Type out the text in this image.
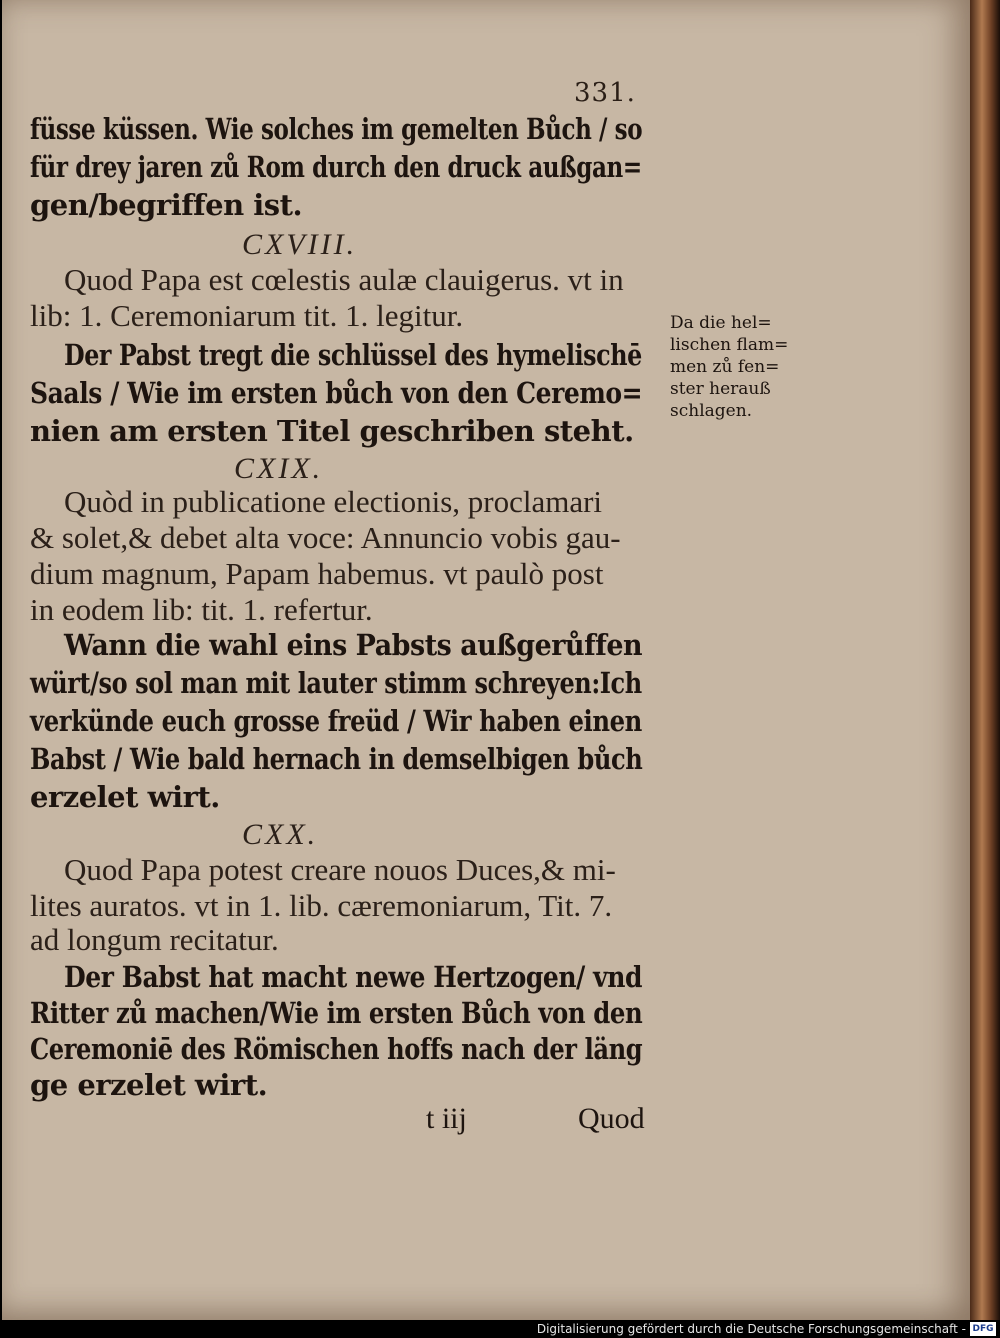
331.
füsse küssen. Wie solches im gemelten Bůch / so
für drey jaren zů Rom durch den druck außgan=
gen/begriffen ist.
CXVIII.
Quod Papa est cœlestis aulæ clauigerus. vt in
lib: 1. Ceremoniarum tit. 1. legitur.
Der Pabst tregt die schlüssel des hymelischē
Saals / Wie im ersten bůch von den Ceremo=
nien am ersten Titel geschriben steht.
CXIX.
Quòd in publicatione electionis, proclamari
& solet,& debet alta voce: Annuncio vobis gau-
dium magnum, Papam habemus. vt paulò post
in eodem lib: tit. 1. refertur.
Wann die wahl eins Pabsts außgerůffen
würt/so sol man mit lauter stimm schreyen:Ich
verkünde euch grosse freüd / Wir haben einen
Babst / Wie bald hernach in demselbigen bůch
erzelet wirt.
CXX.
Quod Papa potest creare nouos Duces,& mi-
lites auratos. vt in 1. lib. cæremoniarum, Tit. 7.
ad longum recitatur.
Der Babst hat macht newe Hertzogen/ vnd
Ritter zů machen/Wie im ersten Bůch von den
Ceremoniē des Römischen hoffs nach der läng
ge erzelet wirt.
Da die hel=
lischen flam=
men zů fen=
ster herauß
schlagen.
t iij	Quod
Digitalisierung gefördert durch die Deutsche Forschungsgemeinschaft - DFG
